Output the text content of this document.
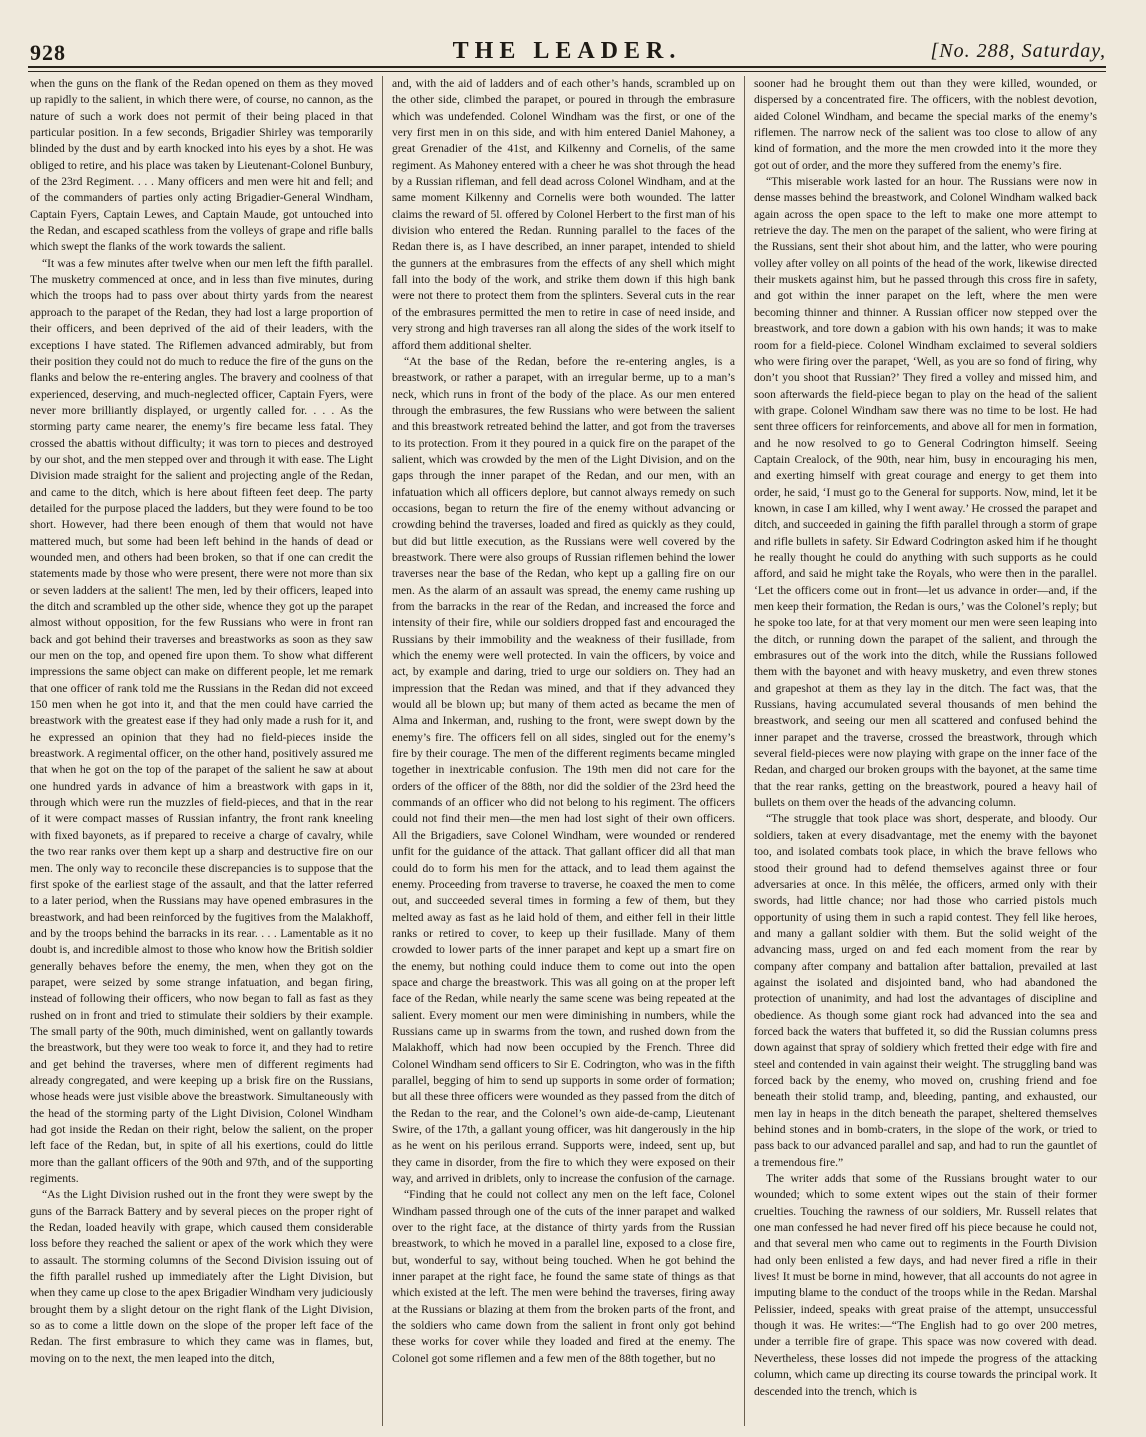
928	THE LEADER.	[No. 288, Saturday,

when the guns on the flank of the Redan opened on them as they moved up rapidly to the salient, in which there were, of course, no cannon, as the nature of such a work does not permit of their being placed in that particular position. In a few seconds, Brigadier Shirley was temporarily blinded by the dust and by earth knocked into his eyes by a shot. He was obliged to retire, and his place was taken by Lieutenant-Colonel Bunbury, of the 23rd Regiment. . . . Many officers and men were hit and fell; and of the commanders of parties only acting Brigadier-General Windham, Captain Fyers, Captain Lewes, and Captain Maude, got untouched into the Redan, and escaped scathless from the volleys of grape and rifle balls which swept the flanks of the work towards the salient.

“It was a few minutes after twelve when our men left the fifth parallel. The musketry commenced at once, and in less than five minutes, during which the troops had to pass over about thirty yards from the nearest approach to the parapet of the Redan, they had lost a large proportion of their officers, and been deprived of the aid of their leaders, with the exceptions I have stated. The Riflemen advanced admirably, but from their position they could not do much to reduce the fire of the guns on the flanks and below the re-entering angles. The bravery and coolness of that experienced, deserving, and much-neglected officer, Captain Fyers, were never more brilliantly displayed, or urgently called for. . . . As the storming party came nearer, the enemy’s fire became less fatal. They crossed the abattis without difficulty; it was torn to pieces and destroyed by our shot, and the men stepped over and through it with ease. The Light Division made straight for the salient and projecting angle of the Redan, and came to the ditch, which is here about fifteen feet deep. The party detailed for the purpose placed the ladders, but they were found to be too short. However, had there been enough of them that would not have mattered much, but some had been left behind in the hands of dead or wounded men, and others had been broken, so that if one can credit the statements made by those who were present, there were not more than six or seven ladders at the salient! The men, led by their officers, leaped into the ditch and scrambled up the other side, whence they got up the parapet almost without opposition, for the few Russians who were in front ran back and got behind their traverses and breastworks as soon as they saw our men on the top, and opened fire upon them. To show what different impressions the same object can make on different people, let me remark that one officer of rank told me the Russians in the Redan did not exceed 150 men when he got into it, and that the men could have carried the breastwork with the greatest ease if they had only made a rush for it, and he expressed an opinion that they had no field-pieces inside the breastwork. A regimental officer, on the other hand, positively assured me that when he got on the top of the parapet of the salient he saw at about one hundred yards in advance of him a breastwork with gaps in it, through which were run the muzzles of field-pieces, and that in the rear of it were compact masses of Russian infantry, the front rank kneeling with fixed bayonets, as if prepared to receive a charge of cavalry, while the two rear ranks over them kept up a sharp and destructive fire on our men. The only way to reconcile these discrepancies is to suppose that the first spoke of the earliest stage of the assault, and that the latter referred to a later period, when the Russians may have opened embrasures in the breastwork, and had been reinforced by the fugitives from the Malakhoff, and by the troops behind the barracks in its rear. . . . Lamentable as it no doubt is, and incredible almost to those who know how the British soldier generally behaves before the enemy, the men, when they got on the parapet, were seized by some strange infatuation, and began firing, instead of following their officers, who now began to fall as fast as they rushed on in front and tried to stimulate their soldiers by their example. The small party of the 90th, much diminished, went on gallantly towards the breastwork, but they were too weak to force it, and they had to retire and get behind the traverses, where men of different regiments had already congregated, and were keeping up a brisk fire on the Russians, whose heads were just visible above the breastwork. Simultaneously with the head of the storming party of the Light Division, Colonel Windham had got inside the Redan on their right, below the salient, on the proper left face of the Redan, but, in spite of all his exertions, could do little more than the gallant officers of the 90th and 97th, and of the supporting regiments.

“As the Light Division rushed out in the front they were swept by the guns of the Barrack Battery and by several pieces on the proper right of the Redan, loaded heavily with grape, which caused them considerable loss before they reached the salient or apex of the work which they were to assault. The storming columns of the Second Division issuing out of the fifth parallel rushed up immediately after the Light Division, but when they came up close to the apex Brigadier Windham very judiciously brought them by a slight detour on the right flank of the Light Division, so as to come a little down on the slope of the proper left face of the Redan. The first embrasure to which they came was in flames, but, moving on to the next, the men leaped into the ditch,

and, with the aid of ladders and of each other’s hands, scrambled up on the other side, climbed the parapet, or poured in through the embrasure which was undefended. Colonel Windham was the first, or one of the very first men in on this side, and with him entered Daniel Mahoney, a great Grenadier of the 41st, and Kilkenny and Cornelis, of the same regiment. As Mahoney entered with a cheer he was shot through the head by a Russian rifleman, and fell dead across Colonel Windham, and at the same moment Kilkenny and Cornelis were both wounded. The latter claims the reward of 5l. offered by Colonel Herbert to the first man of his division who entered the Redan. Running parallel to the faces of the Redan there is, as I have described, an inner parapet, intended to shield the gunners at the embrasures from the effects of any shell which might fall into the body of the work, and strike them down if this high bank were not there to protect them from the splinters. Several cuts in the rear of the embrasures permitted the men to retire in case of need inside, and very strong and high traverses ran all along the sides of the work itself to afford them additional shelter.

“At the base of the Redan, before the re-entering angles, is a breastwork, or rather a parapet, with an irregular berme, up to a man’s neck, which runs in front of the body of the place. As our men entered through the embrasures, the few Russians who were between the salient and this breastwork retreated behind the latter, and got from the traverses to its protection. From it they poured in a quick fire on the parapet of the salient, which was crowded by the men of the Light Division, and on the gaps through the inner parapet of the Redan, and our men, with an infatuation which all officers deplore, but cannot always remedy on such occasions, began to return the fire of the enemy without advancing or crowding behind the traverses, loaded and fired as quickly as they could, but did but little execution, as the Russians were well covered by the breastwork. There were also groups of Russian riflemen behind the lower traverses near the base of the Redan, who kept up a galling fire on our men. As the alarm of an assault was spread, the enemy came rushing up from the barracks in the rear of the Redan, and increased the force and intensity of their fire, while our soldiers dropped fast and encouraged the Russians by their immobility and the weakness of their fusillade, from which the enemy were well protected. In vain the officers, by voice and act, by example and daring, tried to urge our soldiers on. They had an impression that the Redan was mined, and that if they advanced they would all be blown up; but many of them acted as became the men of Alma and Inkerman, and, rushing to the front, were swept down by the enemy’s fire. The officers fell on all sides, singled out for the enemy’s fire by their courage. The men of the different regiments became mingled together in inextricable confusion. The 19th men did not care for the orders of the officer of the 88th, nor did the soldier of the 23rd heed the commands of an officer who did not belong to his regiment. The officers could not find their men—the men had lost sight of their own officers. All the Brigadiers, save Colonel Windham, were wounded or rendered unfit for the guidance of the attack. That gallant officer did all that man could do to form his men for the attack, and to lead them against the enemy. Proceeding from traverse to traverse, he coaxed the men to come out, and succeeded several times in forming a few of them, but they melted away as fast as he laid hold of them, and either fell in their little ranks or retired to cover, to keep up their fusillade. Many of them crowded to lower parts of the inner parapet and kept up a smart fire on the enemy, but nothing could induce them to come out into the open space and charge the breastwork. This was all going on at the proper left face of the Redan, while nearly the same scene was being repeated at the salient. Every moment our men were diminishing in numbers, while the Russians came up in swarms from the town, and rushed down from the Malakhoff, which had now been occupied by the French. Three did Colonel Windham send officers to Sir E. Codrington, who was in the fifth parallel, begging of him to send up supports in some order of formation; but all these three officers were wounded as they passed from the ditch of the Redan to the rear, and the Colonel’s own aide-de-camp, Lieutenant Swire, of the 17th, a gallant young officer, was hit dangerously in the hip as he went on his perilous errand. Supports were, indeed, sent up, but they came in disorder, from the fire to which they were exposed on their way, and arrived in driblets, only to increase the confusion of the carnage.

“Finding that he could not collect any men on the left face, Colonel Windham passed through one of the cuts of the inner parapet and walked over to the right face, at the distance of thirty yards from the Russian breastwork, to which he moved in a parallel line, exposed to a close fire, but, wonderful to say, without being touched. When he got behind the inner parapet at the right face, he found the same state of things as that which existed at the left. The men were behind the traverses, firing away at the Russians or blazing at them from the broken parts of the front, and the soldiers who came down from the salient in front only got behind these works for cover while they loaded and fired at the enemy. The Colonel got some riflemen and a few men of the 88th together, but no

sooner had he brought them out than they were killed, wounded, or dispersed by a concentrated fire. The officers, with the noblest devotion, aided Colonel Windham, and became the special marks of the enemy’s riflemen. The narrow neck of the salient was too close to allow of any kind of formation, and the more the men crowded into it the more they got out of order, and the more they suffered from the enemy’s fire.

“This miserable work lasted for an hour. The Russians were now in dense masses behind the breastwork, and Colonel Windham walked back again across the open space to the left to make one more attempt to retrieve the day. The men on the parapet of the salient, who were firing at the Russians, sent their shot about him, and the latter, who were pouring volley after volley on all points of the head of the work, likewise directed their muskets against him, but he passed through this cross fire in safety, and got within the inner parapet on the left, where the men were becoming thinner and thinner. A Russian officer now stepped over the breastwork, and tore down a gabion with his own hands; it was to make room for a field-piece. Colonel Windham exclaimed to several soldiers who were firing over the parapet, ‘Well, as you are so fond of firing, why don’t you shoot that Russian?’ They fired a volley and missed him, and soon afterwards the field-piece began to play on the head of the salient with grape. Colonel Windham saw there was no time to be lost. He had sent three officers for reinforcements, and above all for men in formation, and he now resolved to go to General Codrington himself. Seeing Captain Crealock, of the 90th, near him, busy in encouraging his men, and exerting himself with great courage and energy to get them into order, he said, ‘I must go to the General for supports. Now, mind, let it be known, in case I am killed, why I went away.’ He crossed the parapet and ditch, and succeeded in gaining the fifth parallel through a storm of grape and rifle bullets in safety. Sir Edward Codrington asked him if he thought he really thought he could do anything with such supports as he could afford, and said he might take the Royals, who were then in the parallel. ‘Let the officers come out in front—let us advance in order—and, if the men keep their formation, the Redan is ours,’ was the Colonel’s reply; but he spoke too late, for at that very moment our men were seen leaping into the ditch, or running down the parapet of the salient, and through the embrasures out of the work into the ditch, while the Russians followed them with the bayonet and with heavy musketry, and even threw stones and grapeshot at them as they lay in the ditch. The fact was, that the Russians, having accumulated several thousands of men behind the breastwork, and seeing our men all scattered and confused behind the inner parapet and the traverse, crossed the breastwork, through which several field-pieces were now playing with grape on the inner face of the Redan, and charged our broken groups with the bayonet, at the same time that the rear ranks, getting on the breastwork, poured a heavy hail of bullets on them over the heads of the advancing column.

“The struggle that took place was short, desperate, and bloody. Our soldiers, taken at every disadvantage, met the enemy with the bayonet too, and isolated combats took place, in which the brave fellows who stood their ground had to defend themselves against three or four adversaries at once. In this mêlée, the officers, armed only with their swords, had little chance; nor had those who carried pistols much opportunity of using them in such a rapid contest. They fell like heroes, and many a gallant soldier with them. But the solid weight of the advancing mass, urged on and fed each moment from the rear by company after company and battalion after battalion, prevailed at last against the isolated and disjointed band, who had abandoned the protection of unanimity, and had lost the advantages of discipline and obedience. As though some giant rock had advanced into the sea and forced back the waters that buffeted it, so did the Russian columns press down against that spray of soldiery which fretted their edge with fire and steel and contended in vain against their weight. The struggling band was forced back by the enemy, who moved on, crushing friend and foe beneath their stolid tramp, and, bleeding, panting, and exhausted, our men lay in heaps in the ditch beneath the parapet, sheltered themselves behind stones and in bomb-craters, in the slope of the work, or tried to pass back to our advanced parallel and sap, and had to run the gauntlet of a tremendous fire.”

The writer adds that some of the Russians brought water to our wounded; which to some extent wipes out the stain of their former cruelties. Touching the rawness of our soldiers, Mr. Russell relates that one man confessed he had never fired off his piece because he could not, and that several men who came out to regiments in the Fourth Division had only been enlisted a few days, and had never fired a rifle in their lives! It must be borne in mind, however, that all accounts do not agree in imputing blame to the conduct of the troops while in the Redan. Marshal Pelissier, indeed, speaks with great praise of the attempt, unsuccessful though it was. He writes:—“The English had to go over 200 metres, under a terrible fire of grape. This space was now covered with dead. Nevertheless, these losses did not impede the progress of the attacking column, which came up directing its course towards the principal work. It descended into the trench, which is
